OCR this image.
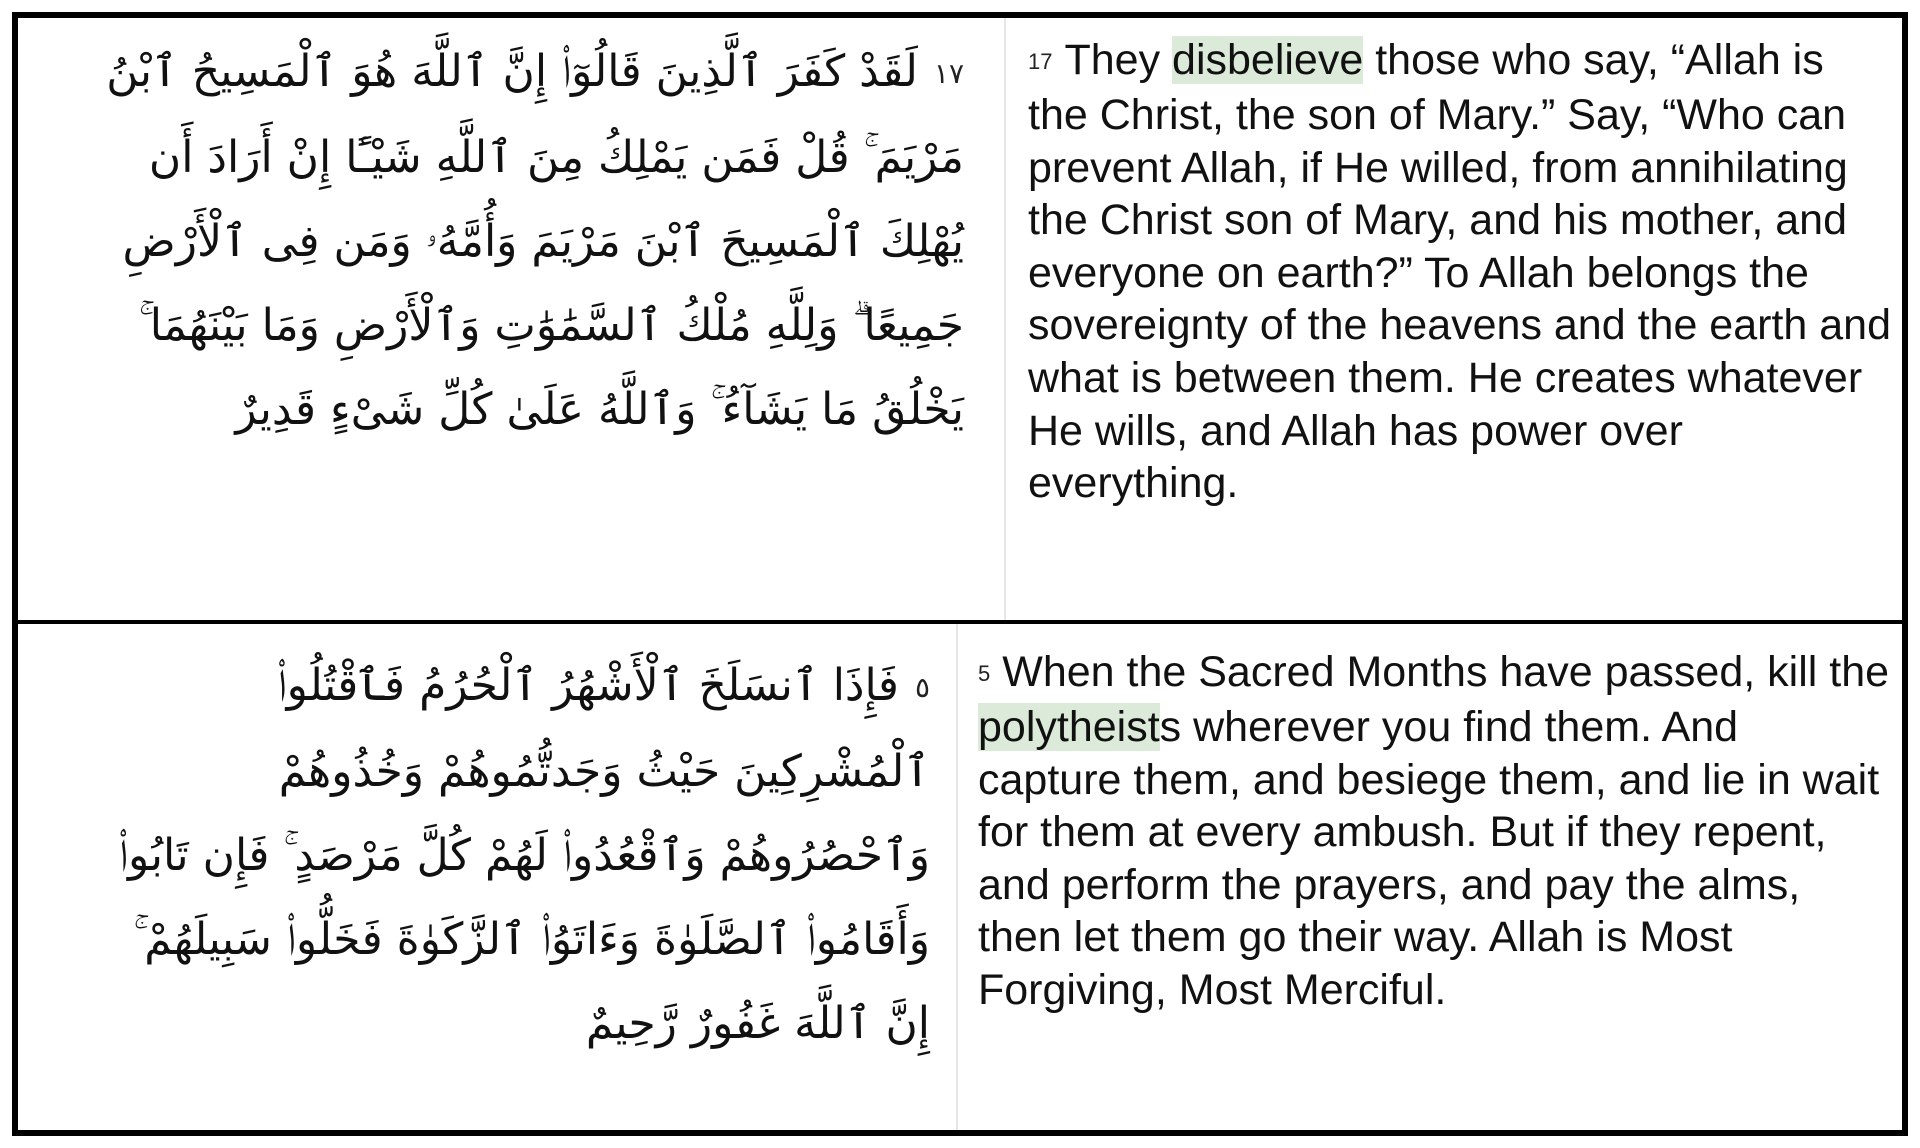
١٧لَقَدْ كَفَرَ ٱلَّذِينَ قَالُوٓا۟ إِنَّ ٱللَّهَ هُوَ ٱلْمَسِيحُ ٱبْنُ مَرْيَمَ ۚ قُلْ فَمَن يَمْلِكُ مِنَ ٱللَّهِ شَيْـًٔا إِنْ أَرَادَ أَن يُهْلِكَ ٱلْمَسِيحَ ٱبْنَ مَرْيَمَ وَأُمَّهُۥ وَمَن فِى ٱلْأَرْضِ جَمِيعًا ۗ وَلِلَّهِ مُلْكُ ٱلسَّمَٰوَٰتِ وَٱلْأَرْضِ وَمَا بَيْنَهُمَا ۚ يَخْلُقُ مَا يَشَآءُ ۚ وَٱللَّهُ عَلَىٰ كُلِّ شَىْءٍ قَدِيرٌ
17 They disbelieve those who say, “Allah is the Christ, the son of Mary.” Say, “Who can prevent Allah, if He willed, from annihilating the Christ son of Mary, and his mother, and everyone on earth?” To Allah belongs the sovereignty of the heavens and the earth and what is between them. He creates whatever He wills, and Allah has power over everything.
٥فَإِذَا ٱنسَلَخَ ٱلْأَشْهُرُ ٱلْحُرُمُ فَٱقْتُلُوا۟ ٱلْمُشْرِكِينَ حَيْثُ وَجَدتُّمُوهُمْ وَخُذُوهُمْ وَٱحْصُرُوهُمْ وَٱقْعُدُوا۟ لَهُمْ كُلَّ مَرْصَدٍ ۚ فَإِن تَابُوا۟ وَأَقَامُوا۟ ٱلصَّلَوٰةَ وَءَاتَوُا۟ ٱلزَّكَوٰةَ فَخَلُّوا۟ سَبِيلَهُمْ ۚ إِنَّ ٱللَّهَ غَفُورٌ رَّحِيمٌ
5 When the Sacred Months have passed, kill the polytheists wherever you find them. And capture them, and besiege them, and lie in wait for them at every ambush. But if they repent, and perform the prayers, and pay the alms, then let them go their way. Allah is Most Forgiving, Most Merciful.
